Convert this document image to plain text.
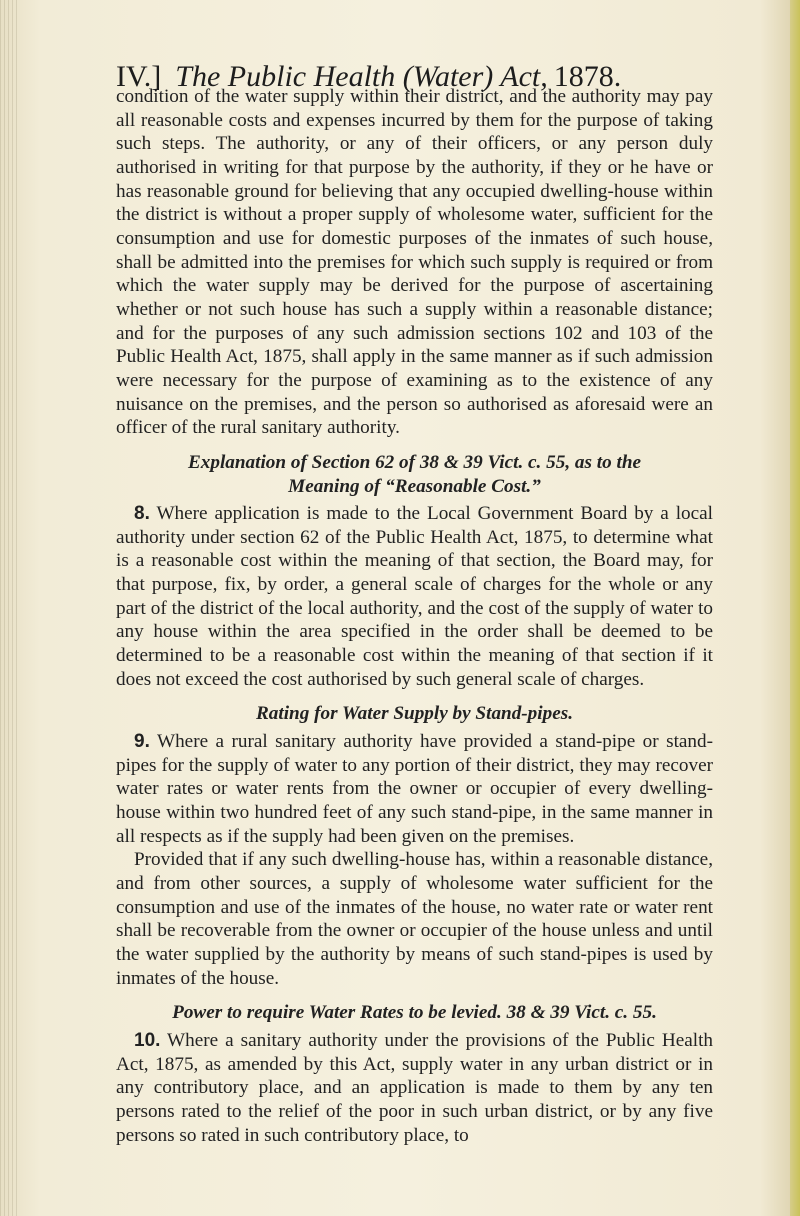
IV.] The Public Health (Water) Act, 1878.

condition of the water supply within their district, and the authority may pay all reasonable costs and expenses incurred by them for the purpose of taking such steps. The authority, or any of their officers, or any person duly authorised in writing for that purpose by the authority, if they or he have or has reasonable ground for believing that any occupied dwelling-house within the district is without a proper supply of wholesome water, sufficient for the consumption and use for domestic purposes of the inmates of such house, shall be admitted into the premises for which such supply is required or from which the water supply may be derived for the purpose of ascertaining whether or not such house has such a supply within a reasonable distance; and for the purposes of any such admission sections 102 and 103 of the Public Health Act, 1875, shall apply in the same manner as if such admission were necessary for the purpose of examining as to the existence of any nuisance on the premises, and the person so authorised as aforesaid were an officer of the rural sanitary authority.

Explanation of Section 62 of 38 & 39 Vict. c. 55, as to the Meaning of “Reasonable Cost.”

8. Where application is made to the Local Government Board by a local authority under section 62 of the Public Health Act, 1875, to determine what is a reasonable cost within the meaning of that section, the Board may, for that purpose, fix, by order, a general scale of charges for the whole or any part of the district of the local authority, and the cost of the supply of water to any house within the area specified in the order shall be deemed to be determined to be a reasonable cost within the meaning of that section if it does not exceed the cost authorised by such general scale of charges.

Rating for Water Supply by Stand-pipes.

9. Where a rural sanitary authority have provided a stand-pipe or stand-pipes for the supply of water to any portion of their district, they may recover water rates or water rents from the owner or occupier of every dwelling-house within two hundred feet of any such stand-pipe, in the same manner in all respects as if the supply had been given on the premises.

Provided that if any such dwelling-house has, within a reasonable distance, and from other sources, a supply of wholesome water sufficient for the consumption and use of the inmates of the house, no water rate or water rent shall be recoverable from the owner or occupier of the house unless and until the water supplied by the authority by means of such stand-pipes is used by inmates of the house.

Power to require Water Rates to be levied. 38 & 39 Vict. c. 55.

10. Where a sanitary authority under the provisions of the Public Health Act, 1875, as amended by this Act, supply water in any urban district or in any contributory place, and an application is made to them by any ten persons rated to the relief of the poor in such urban district, or by any five persons so rated in such contributory place, to
